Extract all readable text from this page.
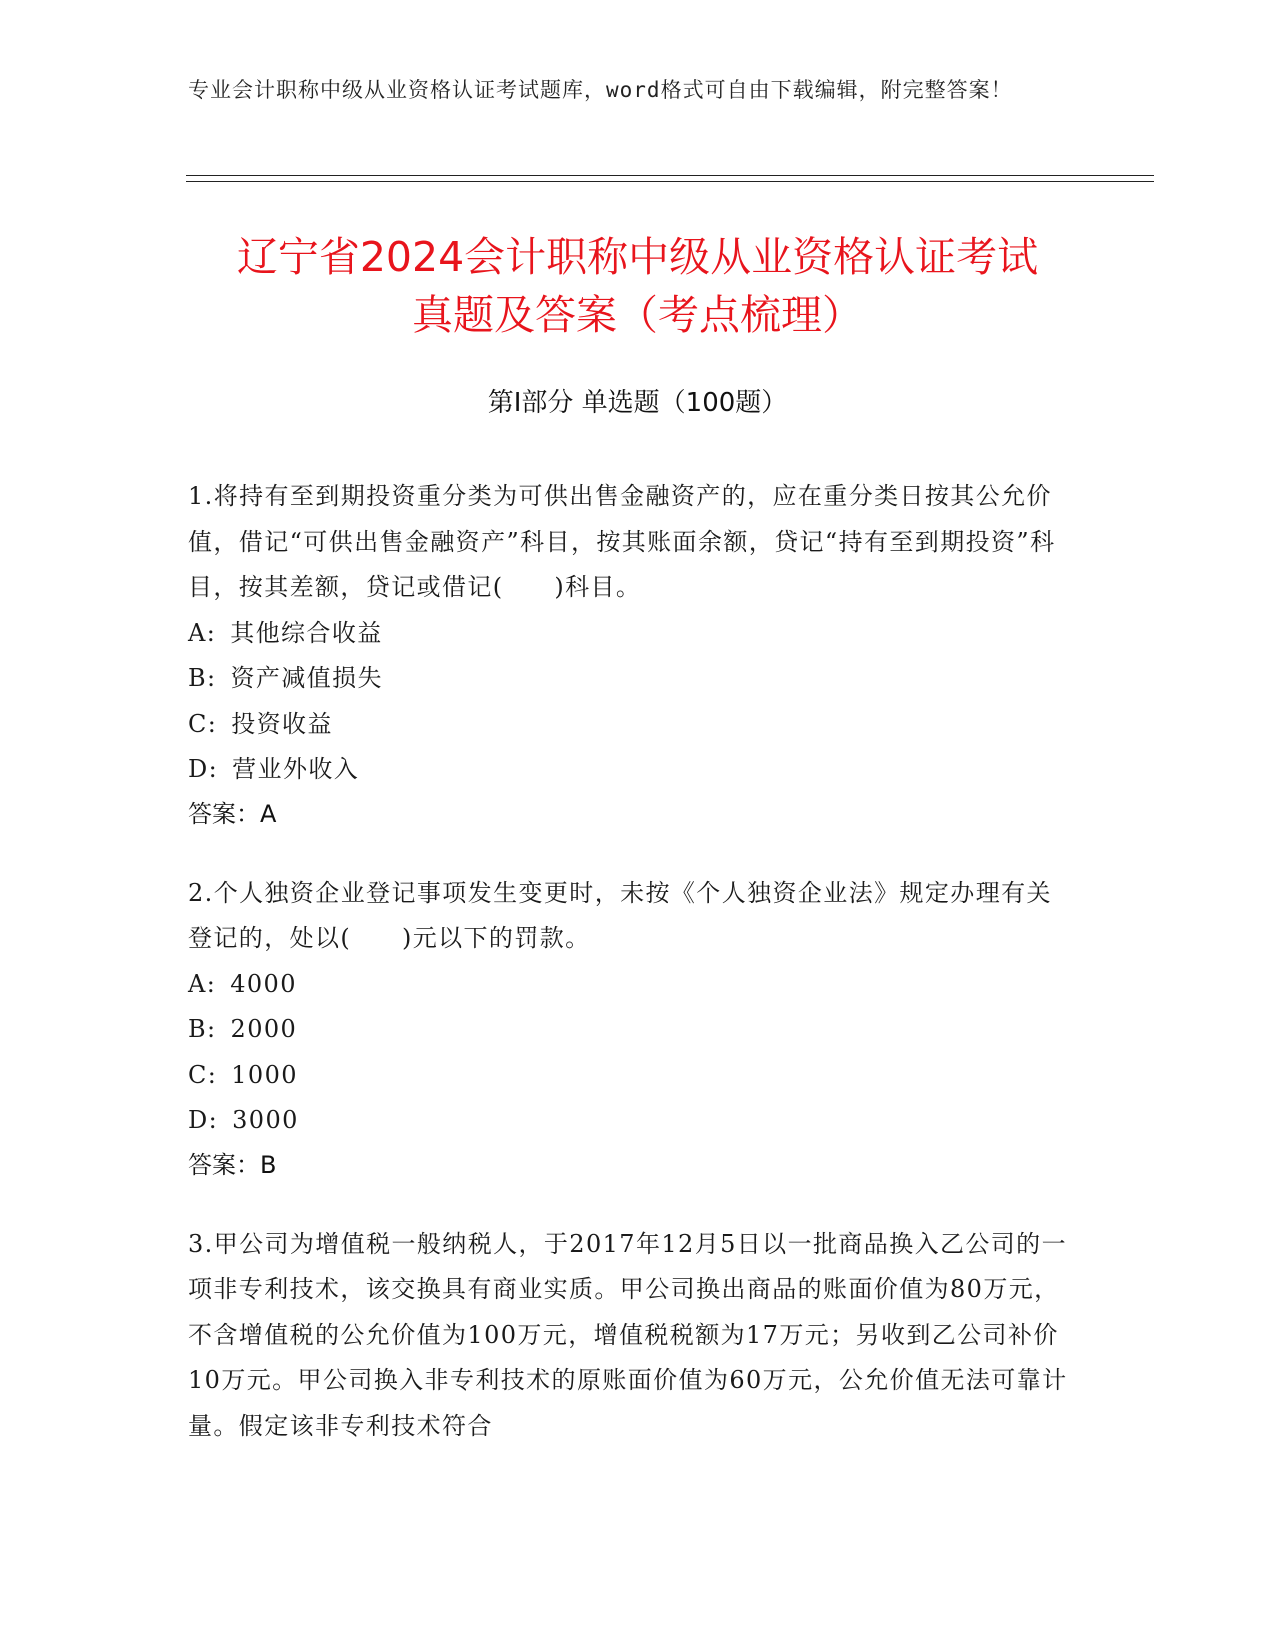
专业会计职称中级从业资格认证考试题库，word格式可自由下载编辑，附完整答案！
辽宁省2024会计职称中级从业资格认证考试
真题及答案（考点梳理）
第Ⅰ部分 单选题（100题）

1.将持有至到期投资重分类为可供出售金融资产的，应在重分类日按其公允价值，借记“可供出售金融资产”科目，按其账面余额，贷记“持有至到期投资”科目，按其差额，贷记或借记(　　)科目。

A: 其他综合收益

B: 资产减值损失

C: 投资收益

D: 营业外收入

答案：A

2.个人独资企业登记事项发生变更时，未按《个人独资企业法》规定办理有关登记的，处以(　　)元以下的罚款。

A: 4000

B: 2000

C: 1000

D: 3000

答案：B

3.甲公司为增值税一般纳税人，于2017年12月5日以一批商品换入乙公司的一项非专利技术，该交换具有商业实质。甲公司换出商品的账面价值为80万元，不含增值税的公允价值为100万元，增值税税额为17万元；另收到乙公司补价10万元。甲公司换入非专利技术的原账面价值为60万元，公允价值无法可靠计量。假定该非专利技术符合
